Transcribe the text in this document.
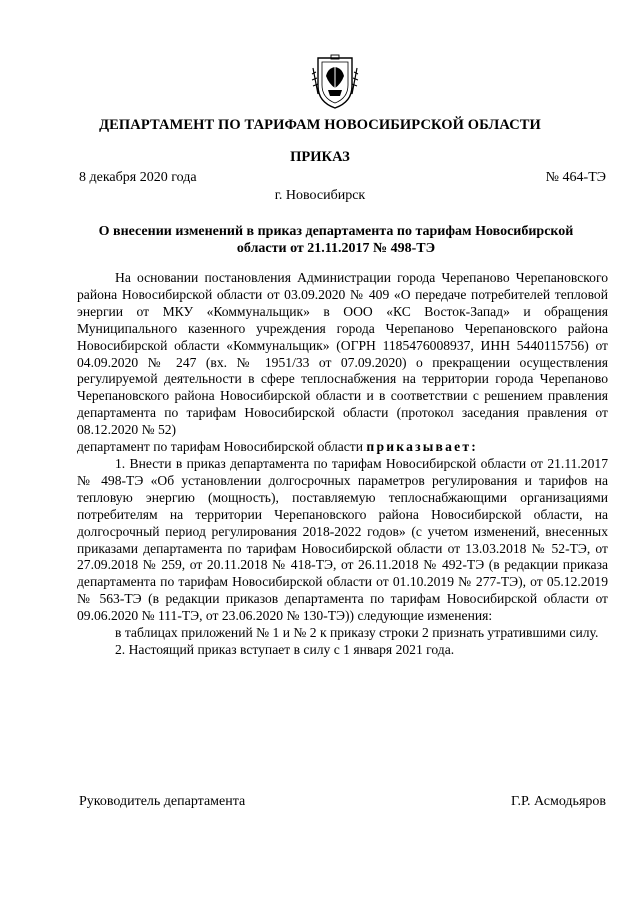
ДЕПАРТАМЕНТ ПО ТАРИФАМ НОВОСИБИРСКОЙ ОБЛАСТИ
ПРИКАЗ
8 декабря 2020 года	№ 464-ТЭ
г. Новосибирск
О внесении изменений в приказ департамента по тарифам Новосибирской области от 21.11.2017 № 498-ТЭ

На основании постановления Администрации города Черепаново Черепановского района Новосибирской области от 03.09.2020 № 409 «О передаче потребителей тепловой энергии от МКУ «Коммунальщик» в ООО «КС Восток-Запад» и обращения Муниципального казенного учреждения города Черепаново Черепановского района Новосибирской области «Коммунальщик» (ОГРН 1185476008937, ИНН 5440115756) от 04.09.2020 № 247 (вх. № 1951/33 от 07.09.2020) о прекращении осуществления регулируемой деятельности в сфере теплоснабжения на территории города Черепаново Черепановского района Новосибирской области и в соответствии с решением правления департамента по тарифам Новосибирской области (протокол заседания правления от 08.12.2020 № 52)

департамент по тарифам Новосибирской области приказывает:

1. Внести в приказ департамента по тарифам Новосибирской области от 21.11.2017 № 498-ТЭ «Об установлении долгосрочных параметров регулирования и тарифов на тепловую энергию (мощность), поставляемую теплоснабжающими организациями потребителям на территории Черепановского района Новосибирской области, на долгосрочный период регулирования 2018-2022 годов» (с учетом изменений, внесенных приказами департамента по тарифам Новосибирской области от 13.03.2018 № 52-ТЭ, от 27.09.2018 № 259, от 20.11.2018 № 418-ТЭ, от 26.11.2018 № 492-ТЭ (в редакции приказа департамента по тарифам Новосибирской области от 01.10.2019 № 277-ТЭ), от 05.12.2019 № 563-ТЭ (в редакции приказов департамента по тарифам Новосибирской области от 09.06.2020 № 111-ТЭ, от 23.06.2020 № 130-ТЭ)) следующие изменения:

в таблицах приложений № 1 и № 2 к приказу строки 2 признать утратившими силу.

2. Настоящий приказ вступает в силу с 1 января 2021 года.

Руководитель департамента	Г.Р. Асмодьяров
